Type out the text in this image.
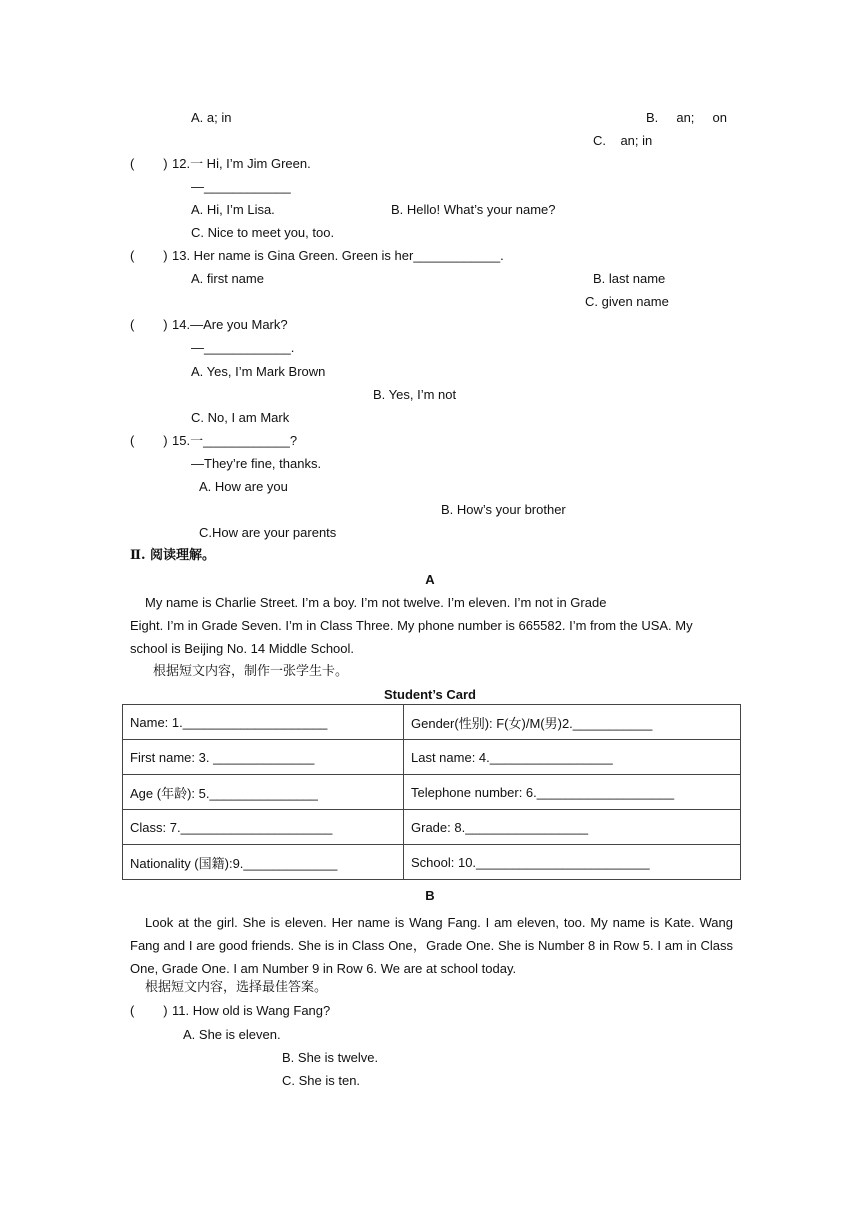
A. a; in	B.     an;     on
C.    an; in
(        ) 12.一 Hi, I’m Jim Green.
—____________
A. Hi, I’m Lisa.	B. Hello! What’s your name?
C. Nice to meet you, too.
(        ) 13. Her name is Gina Green. Green is her____________.
A. first name	B. last name
C. given name
(        ) 14.—Are you Mark?
—____________.
A. Yes, I’m Mark Brown
B. Yes, I’m not
C. No, I am Mark
(        ) 15.一____________?
—They’re fine, thanks.
A. How are you
B. How’s your brother
C.How are your parents
Ⅱ. 阅读理解。
A
My name is Charlie Street. I’m a boy. I’m not twelve. I’m eleven. I’m not in Grade
Eight. I’m in Grade Seven. I’m in Class Three. My phone number is 665582. I’m from the USA. My
school is Beijing No. 14 Middle School.
根据短文内容，制作一张学生卡。
Student’s Card
Name: 1.____________________	Gender(性别): F(女)/M(男)2.___________
First name: 3. ______________	Last name: 4._________________
Age (年龄): 5._______________	Telephone number: 6.___________________
Class: 7._____________________	Grade: 8._________________
Nationality (国籍):9._____________	School: 10.________________________
B
Look at the girl. She is eleven. Her name is Wang Fang. I am eleven, too. My name is Kate. Wang Fang and I are good friends. She is in Class One，Grade One. She is Number 8 in Row 5. I am in Class One, Grade One. I am Number 9 in Row 6. We are at school today.
根据短文内容，选择最佳答案。
(        ) 11. How old is Wang Fang?
A. She is eleven.
B. She is twelve.
C. She is ten.
